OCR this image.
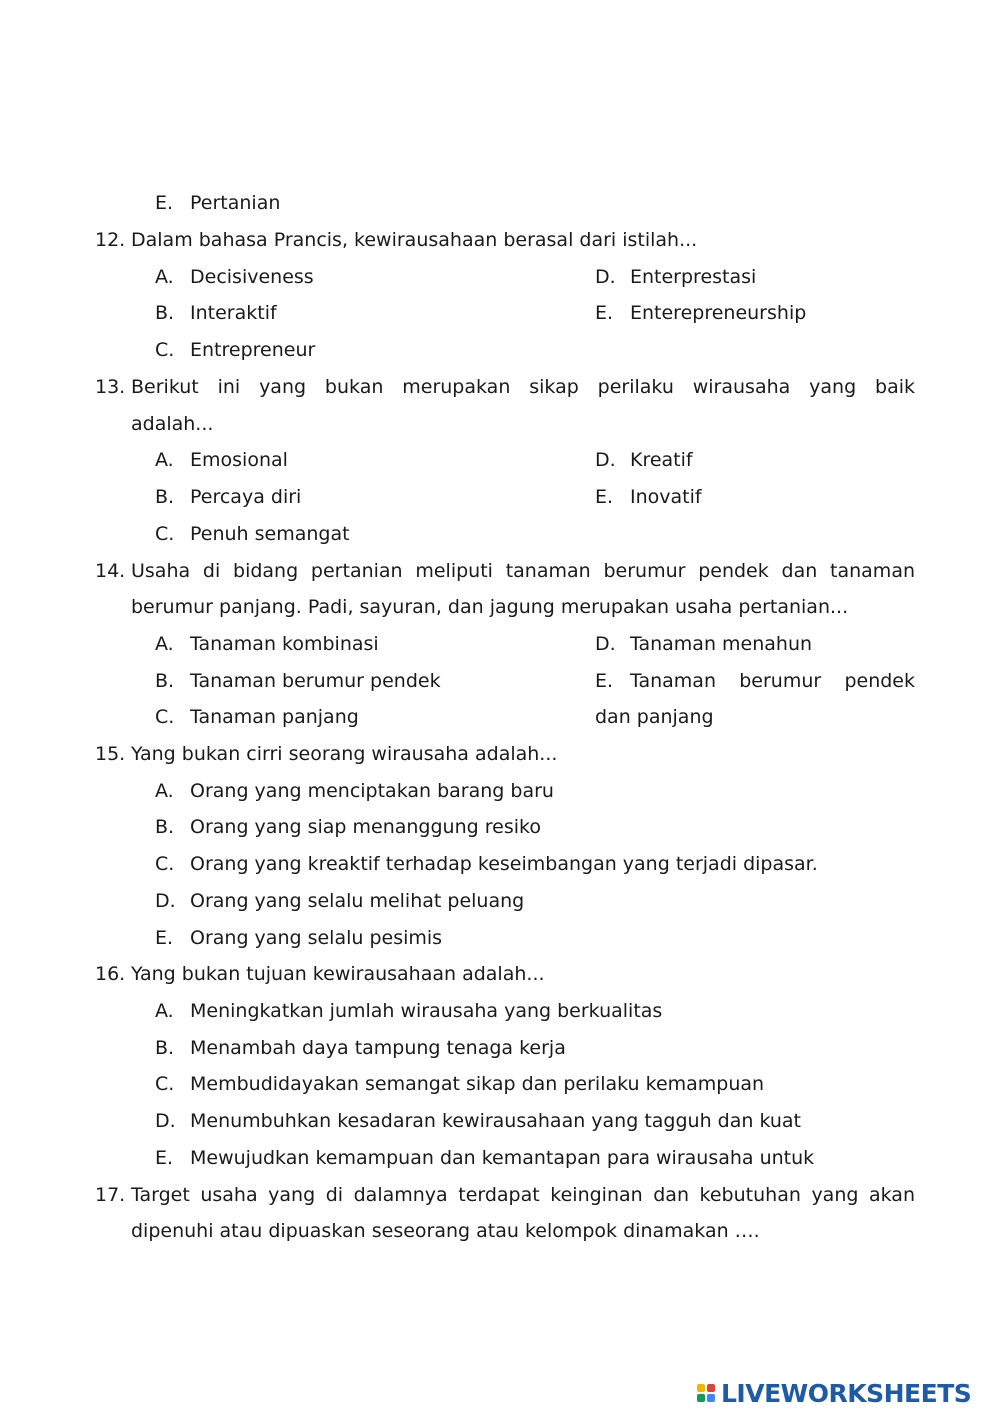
E. Pertanian
12. Dalam bahasa Prancis, kewirausahaan berasal dari istilah...
A. Decisiveness	D. Enterprestasi
B. Interaktif	E. Enterepreneurship
C. Entrepreneur
13. Berikut ini yang bukan merupakan sikap perilaku wirausaha yang baik
adalah...
A. Emosional	D. Kreatif
B. Percaya diri	E. Inovatif
C. Penuh semangat
14. Usaha di bidang pertanian meliputi tanaman berumur pendek dan tanaman
berumur panjang. Padi, sayuran, dan jagung merupakan usaha pertanian...
A. Tanaman kombinasi	D. Tanaman menahun
B. Tanaman berumur pendek	E. Tanaman berumur pendek
C. Tanaman panjang	dan panjang
15. Yang bukan cirri seorang wirausaha adalah...
A. Orang yang menciptakan barang baru
B. Orang yang siap menanggung resiko
C. Orang yang kreaktif terhadap keseimbangan yang terjadi dipasar.
D. Orang yang selalu melihat peluang
E. Orang yang selalu pesimis
16. Yang bukan tujuan kewirausahaan adalah...
A. Meningkatkan jumlah wirausaha yang berkualitas
B. Menambah daya tampung tenaga kerja
C. Membudidayakan semangat sikap dan perilaku kemampuan
D. Menumbuhkan kesadaran kewirausahaan yang tagguh dan kuat
E. Mewujudkan kemampuan dan kemantapan para wirausaha untuk
17. Target usaha yang di dalamnya terdapat keinginan dan kebutuhan yang akan
dipenuhi atau dipuaskan seseorang atau kelompok dinamakan ….
LIVEWORKSHEETS
